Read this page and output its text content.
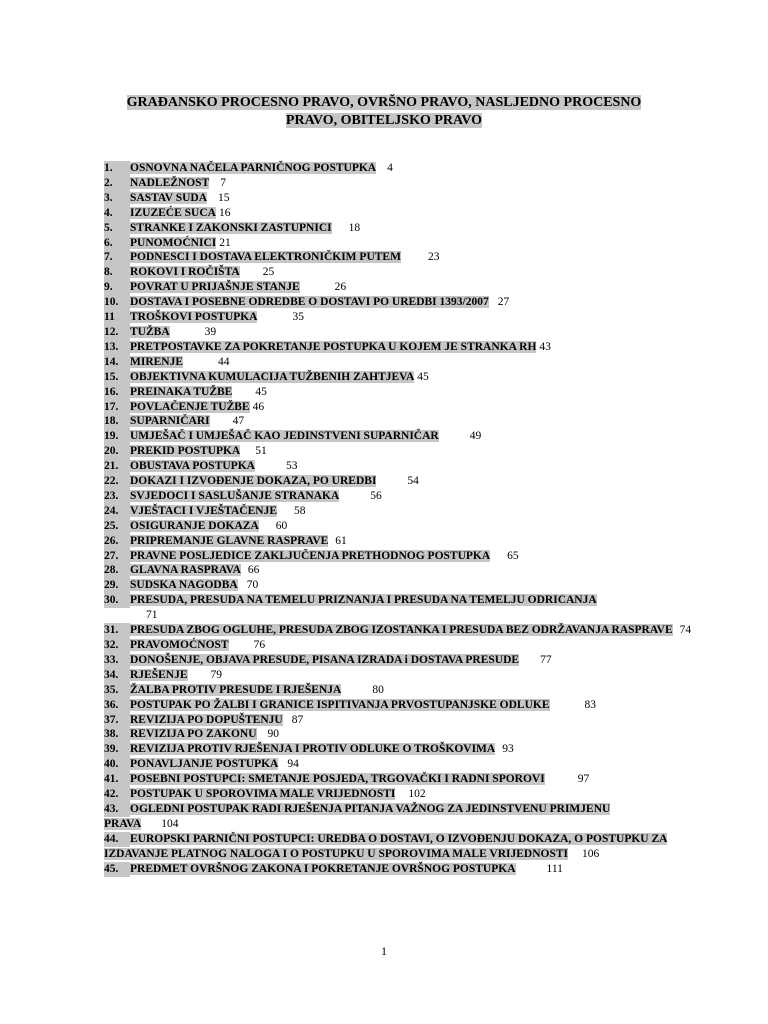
GRAĐANSKO PROCESNO PRAVO, OVRŠNO PRAVO, NASLJEDNO PROCESNO
PRAVO, OBITELJSKO PRAVO
1. OSNOVNA NAČELA PARNIČNOG POSTUPKA 4
2. NADLEŽNOST 7
3. SASTAV SUDA 15
4. IZUZEĆE SUCA 16
5. STRANKE I ZAKONSKI ZASTUPNICI 18
6. PUNOMOĆNICI 21
7. PODNESCI I DOSTAVA ELEKTRONIČKIM PUTEM 23
8. ROKOVI I ROČIŠTA 25
9. POVRAT U PRIJAŠNJE STANJE	26
10. DOSTAVA I POSEBNE ODREDBE O DOSTAVI PO UREDBI 1393/2007 27
11 TROŠKOVI POSTUPKA	35
12. TUŽBA	39
13. PRETPOSTAVKE ZA POKRETANJE POSTUPKA U KOJEM JE STRANKA RH 43
14. MIRENJE	44
15. OBJEKTIVNA KUMULACIJA TUŽBENIH ZAHTJEVA 45
16. PREINAKA TUŽBE 45
17. POVLAČENJE TUŽBE 46
18. SUPARNIČARI 47
19. UMJEŠAČ I UMJEŠAČ KAO JEDINSTVENI SUPARNIČAR	49
20. PREKID POSTUPKA 51
21. OBUSTAVA POSTUPKA	53
22. DOKAZI I IZVOĐENJE DOKAZA, PO UREDBI	54
23. SVJEDOCI I SASLUŠANJE STRANAKA	56
24. VJEŠTACI I VJEŠTAČENJE 58
25. OSIGURANJE DOKAZA 60
26. PRIPREMANJE GLAVNE RASPRAVE 61
27. PRAVNE POSLJEDICE ZAKLJUČENJA PRETHODNOG POSTUPKA 65
28. GLAVNA RASPRAVA 66
29. SUDSKA NAGODBA 70
30. PRESUDA, PRESUDA NA TEMELU PRIZNANJA I PRESUDA NA TEMELJU ODRICANJA
71
31. PRESUDA ZBOG OGLUHE, PRESUDA ZBOG IZOSTANKA I PRESUDA BEZ ODRŽAVANJA RASPRAVE 74
32. PRAVOMOĆNOST 76
33. DONOŠENJE, OBJAVA PRESUDE, PISANA IZRADA i DOSTAVA PRESUDE 77
34. RJEŠENJE 79
35. ŽALBA PROTIV PRESUDE I RJEŠENJA	80
36. POSTUPAK PO ŽALBI I GRANICE ISPITIVANJA PRVOSTUPANJSKE ODLUKE	83
37. REVIZIJA PO DOPUŠTENJU 87
38. REVIZIJA PO ZAKONU 90
39. REVIZIJA PROTIV RJEŠENJA I PROTIV ODLUKE O TROŠKOVIMA 93
40. PONAVLJANJE POSTUPKA 94
41. POSEBNI POSTUPCI: SMETANJE POSJEDA, TRGOVAČKI I RADNI SPOROVI	97
42. POSTUPAK U SPOROVIMA MALE VRIJEDNOSTI 102
43. OGLEDNI POSTUPAK RADI RJEŠENJA PITANJA VAŽNOG ZA JEDINSTVENU PRIMJENU PRAVA 104
44. EUROPSKI PARNIČNI POSTUPCI: UREDBA O DOSTAVI, O IZVOĐENJU DOKAZA, O POSTUPKU ZA IZDAVANJE PLATNOG NALOGA I O POSTUPKU U SPOROVIMA MALE VRIJEDNOSTI 106
45. PREDMET OVRŠNOG ZAKONA I POKRETANJE OVRŠNOG POSTUPKA	111
1
